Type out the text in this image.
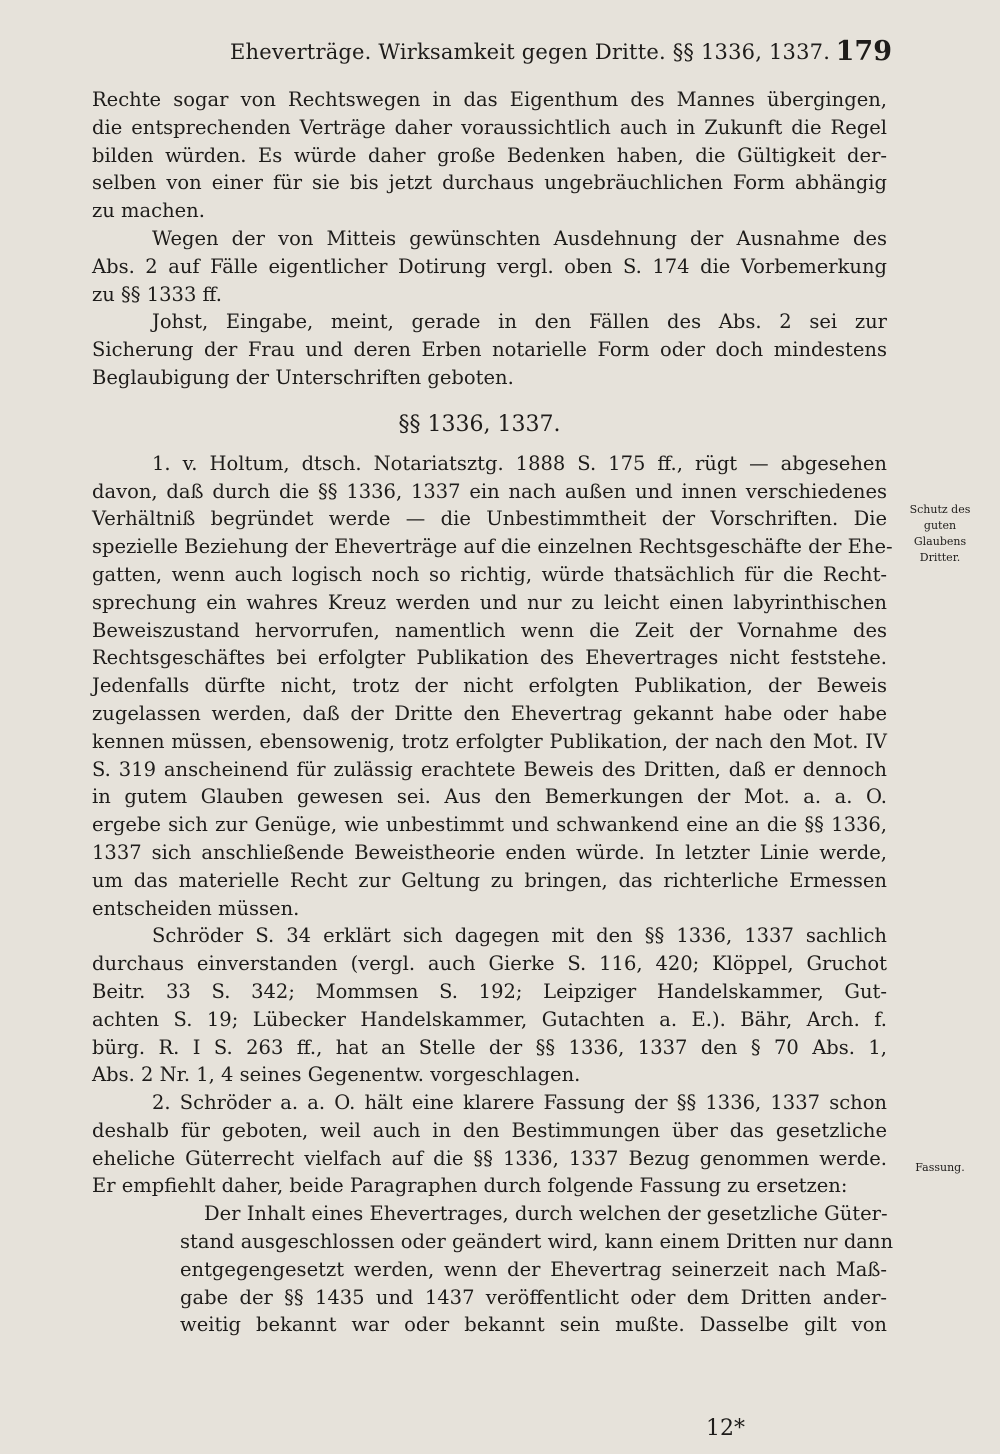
Eheverträge. Wirksamkeit gegen Dritte. §§ 1336, 1337. 179
Rechte sogar von Rechtswegen in das Eigenthum des Mannes übergingen,
die entsprechenden Verträge daher voraussichtlich auch in Zukunft die Regel
bilden würden. Es würde daher große Bedenken haben, die Gültigkeit der-
selben von einer für sie bis jetzt durchaus ungebräuchlichen Form abhängig
zu machen.
Wegen der von Mitteis gewünschten Ausdehnung der Ausnahme des
Abs. 2 auf Fälle eigentlicher Dotirung vergl. oben S. 174 die Vorbemerkung
zu §§ 1333 ff.
Johst, Eingabe, meint, gerade in den Fällen des Abs. 2 sei zur
Sicherung der Frau und deren Erben notarielle Form oder doch mindestens
Beglaubigung der Unterschriften geboten.
§§ 1336, 1337.
1. v. Holtum, dtsch. Notariatsztg. 1888 S. 175 ff., rügt — abgesehen
davon, daß durch die §§ 1336, 1337 ein nach außen und innen verschiedenes
Verhältniß begründet werde — die Unbestimmtheit der Vorschriften. Die
spezielle Beziehung der Eheverträge auf die einzelnen Rechtsgeschäfte der Ehe-
gatten, wenn auch logisch noch so richtig, würde thatsächlich für die Recht-
sprechung ein wahres Kreuz werden und nur zu leicht einen labyrinthischen
Beweiszustand hervorrufen, namentlich wenn die Zeit der Vornahme des
Rechtsgeschäftes bei erfolgter Publikation des Ehevertrages nicht feststehe.
Jedenfalls dürfte nicht, trotz der nicht erfolgten Publikation, der Beweis
zugelassen werden, daß der Dritte den Ehevertrag gekannt habe oder habe
kennen müssen, ebensowenig, trotz erfolgter Publikation, der nach den Mot. IV
S. 319 anscheinend für zulässig erachtete Beweis des Dritten, daß er dennoch
in gutem Glauben gewesen sei. Aus den Bemerkungen der Mot. a. a. O.
ergebe sich zur Genüge, wie unbestimmt und schwankend eine an die §§ 1336,
1337 sich anschließende Beweistheorie enden würde. In letzter Linie werde,
um das materielle Recht zur Geltung zu bringen, das richterliche Ermessen
entscheiden müssen.
Schröder S. 34 erklärt sich dagegen mit den §§ 1336, 1337 sachlich
durchaus einverstanden (vergl. auch Gierke S. 116, 420; Klöppel, Gruchot
Beitr. 33 S. 342; Mommsen S. 192; Leipziger Handelskammer, Gut-
achten S. 19; Lübecker Handelskammer, Gutachten a. E.). Bähr, Arch. f.
bürg. R. I S. 263 ff., hat an Stelle der §§ 1336, 1337 den § 70 Abs. 1,
Abs. 2 Nr. 1, 4 seines Gegenentw. vorgeschlagen.
2. Schröder a. a. O. hält eine klarere Fassung der §§ 1336, 1337 schon
deshalb für geboten, weil auch in den Bestimmungen über das gesetzliche
eheliche Güterrecht vielfach auf die §§ 1336, 1337 Bezug genommen werde.
Er empfiehlt daher, beide Paragraphen durch folgende Fassung zu ersetzen:
Der Inhalt eines Ehevertrages, durch welchen der gesetzliche Güter-
stand ausgeschlossen oder geändert wird, kann einem Dritten nur dann
entgegengesetzt werden, wenn der Ehevertrag seinerzeit nach Maß-
gabe der §§ 1435 und 1437 veröffentlicht oder dem Dritten ander-
weitig bekannt war oder bekannt sein mußte. Dasselbe gilt von
Schutz des guten Glaubens Dritter.
Fassung.
12*
